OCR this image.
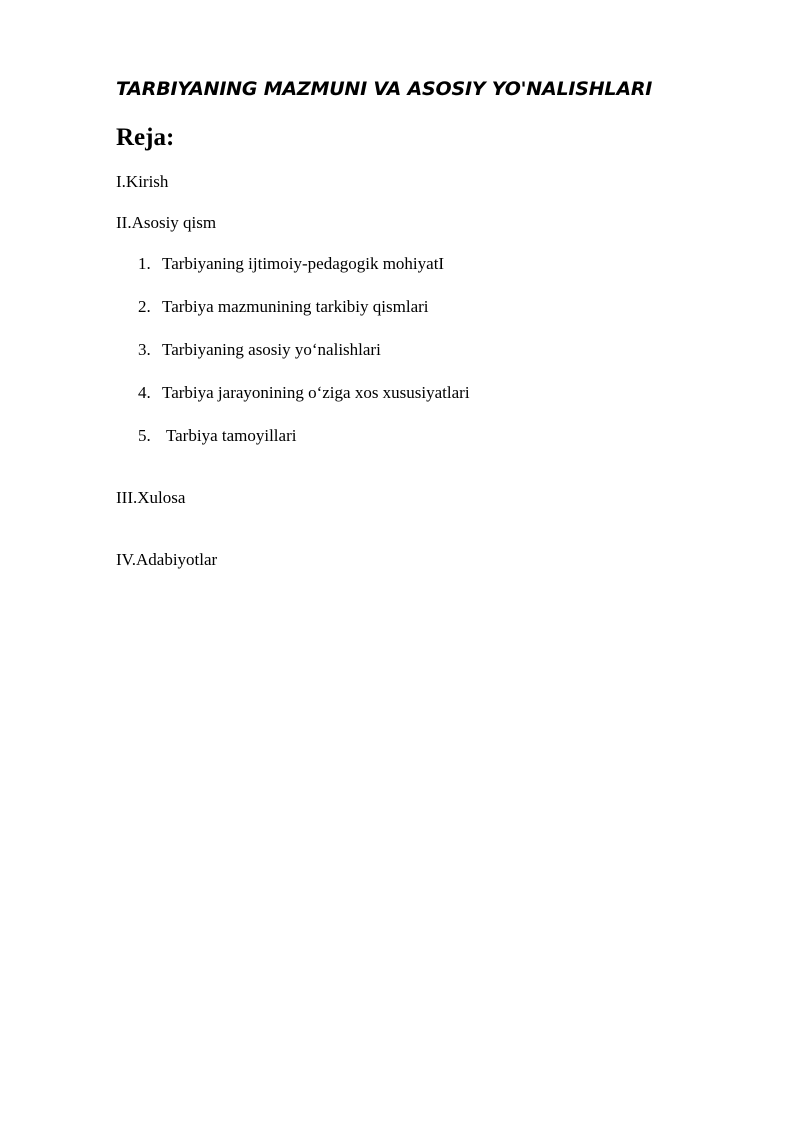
TARBIYANING MAZMUNI VA ASOSIY YO'NALISHLARI
Reja:
I.Kirish
II.Asosiy qism
1. Tarbiyaning ijtimoiy-pedagogik mohiyatI
2. Tarbiya mazmunining tarkibiy qismlari
3. Tarbiyaning asosiy yo‘nalishlari
4. Tarbiya jarayonining o‘ziga xos xususiyatlari
5. Tarbiya tamoyillari
III.Xulosa
IV.Adabiyotlar
